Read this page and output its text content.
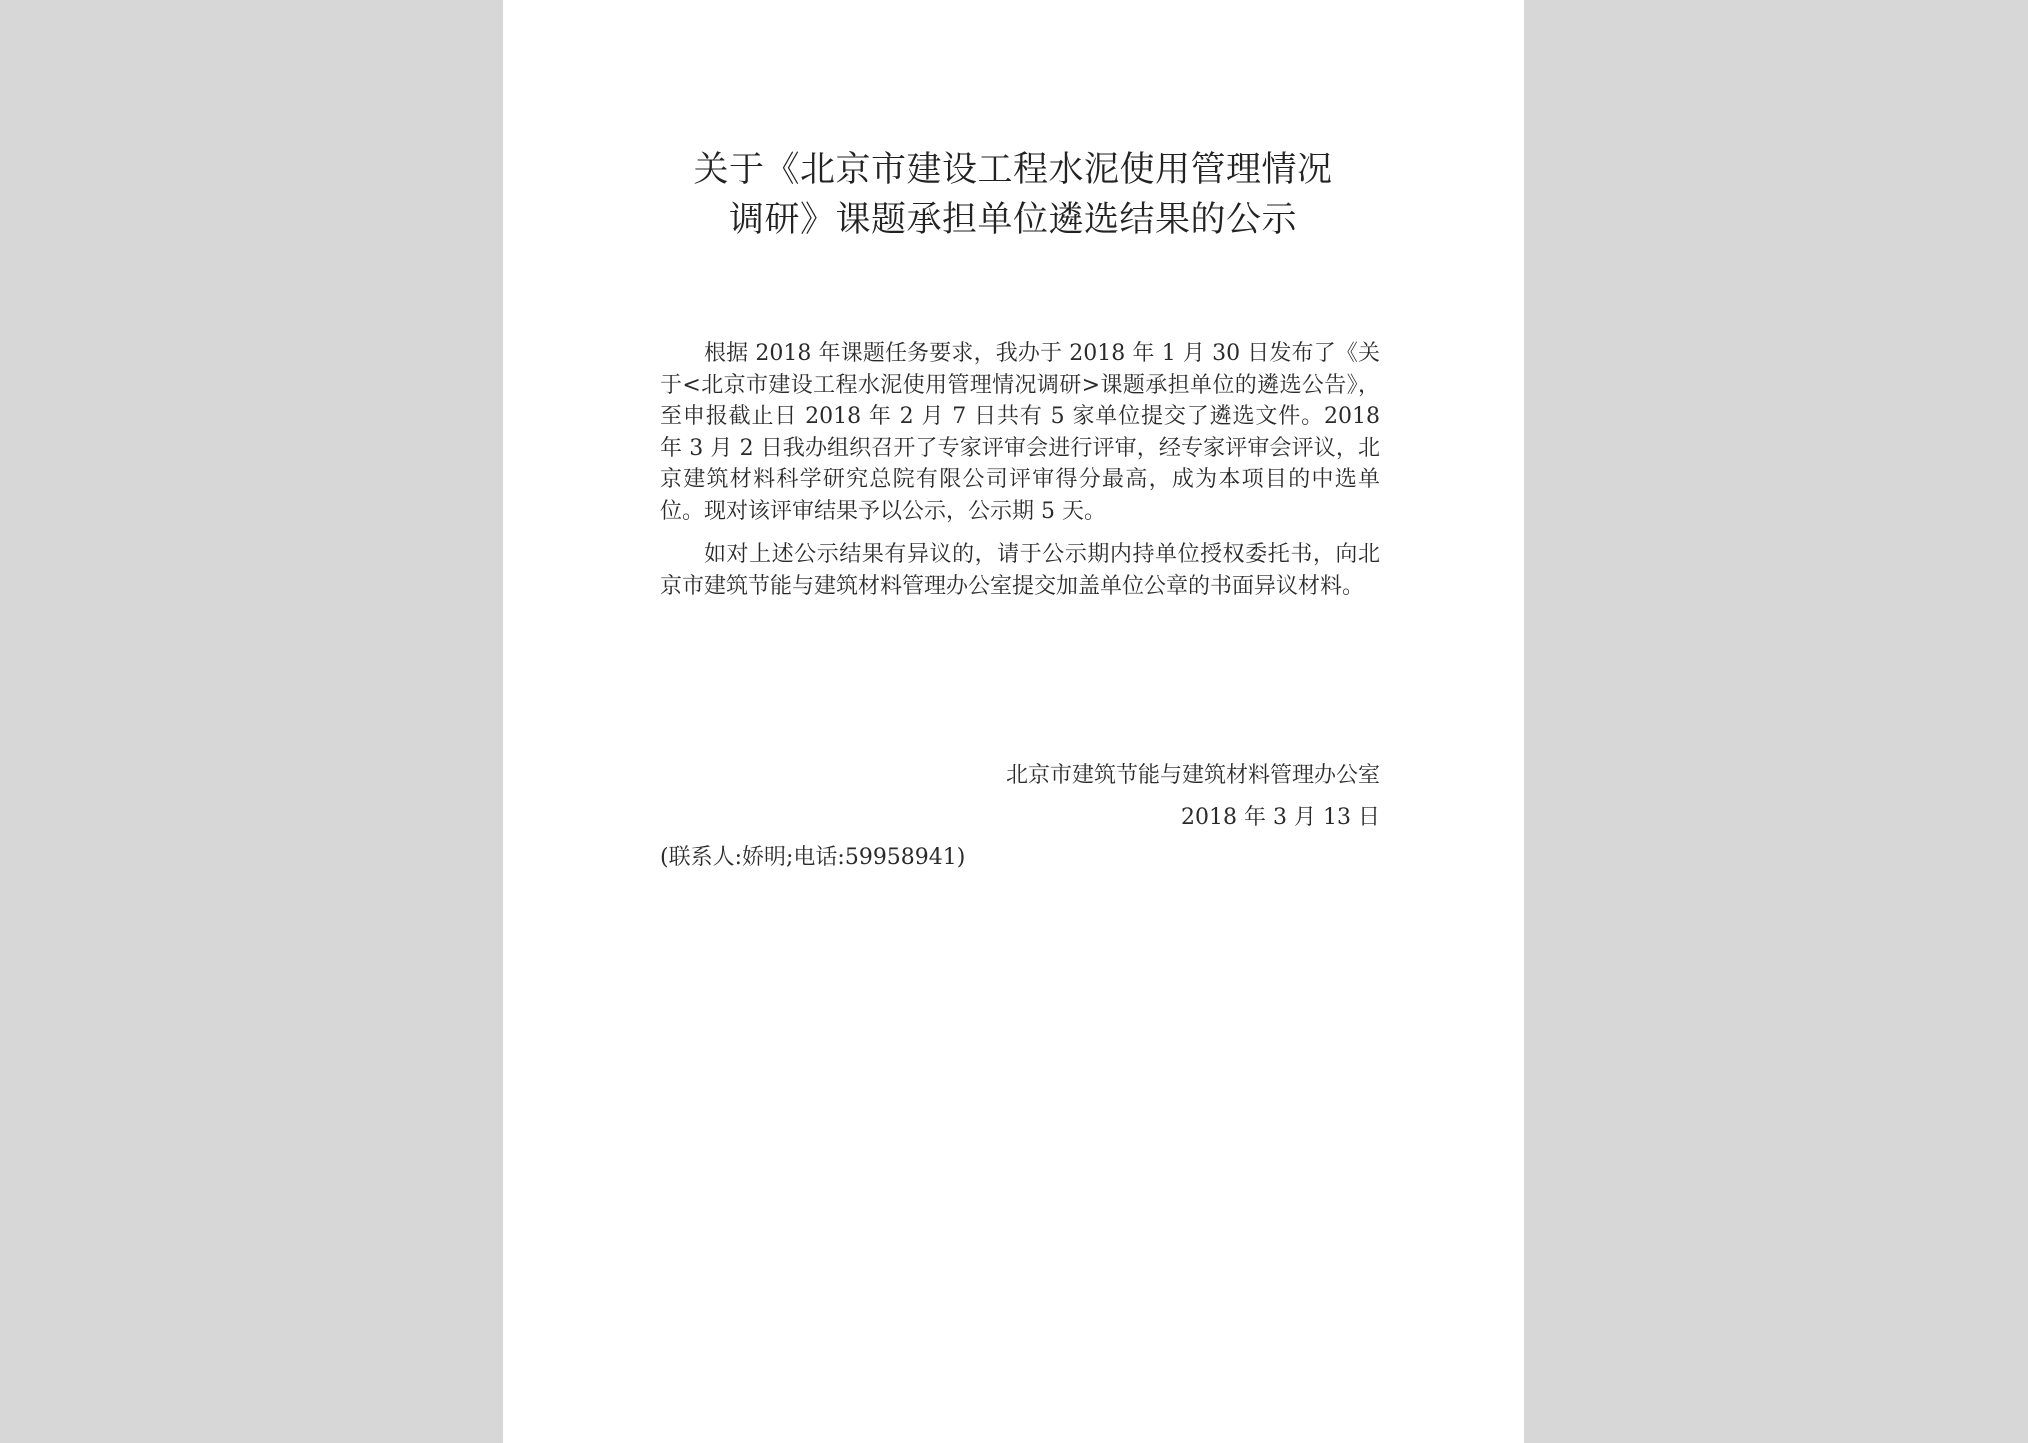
关于《北京市建设工程水泥使用管理情况
调研》课题承担单位遴选结果的公示

根据 2018 年课题任务要求，我办于 2018 年 1 月 30 日发布了《关于<北京市建设工程水泥使用管理情况调研>课题承担单位的遴选公告》，至申报截止日 2018 年 2 月 7 日共有 5 家单位提交了遴选文件。2018 年 3 月 2 日我办组织召开了专家评审会进行评审，经专家评审会评议，北京建筑材料科学研究总院有限公司评审得分最高，成为本项目的中选单位。现对该评审结果予以公示，公示期 5 天。

如对上述公示结果有异议的，请于公示期内持单位授权委托书，向北京市建筑节能与建筑材料管理办公室提交加盖单位公章的书面异议材料。

北京市建筑节能与建筑材料管理办公室
2018 年 3 月 13 日
(联系人:娇明;电话:59958941)
